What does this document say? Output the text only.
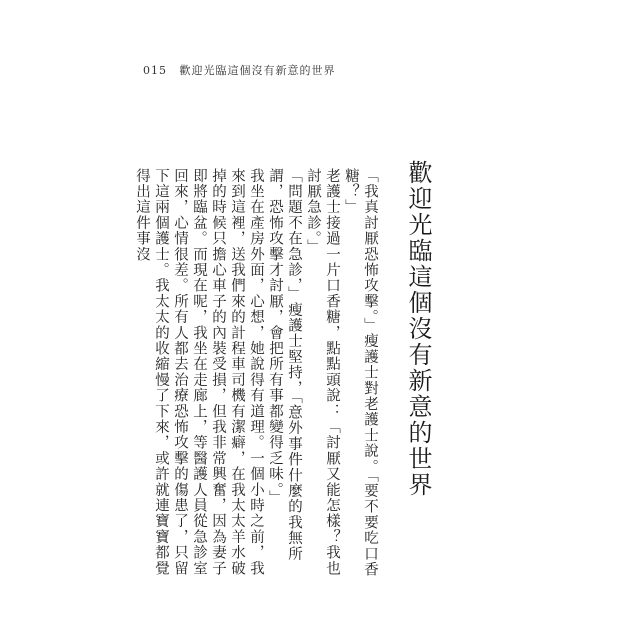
015 歡迎光臨這個沒有新意的世界
歡迎光臨這個沒有新意的世界

「我真討厭恐怖攻擊。」瘦護士對老護士說。「要不要吃口香糖？」

老護士接過一片口香糖，點點頭說：「討厭又能怎樣？我也討厭急診。」

「問題不在急診，」瘦護士堅持，「意外事件什麼的我無所謂，恐怖攻擊才討厭，會把所有事都變得乏味。」

我坐在產房外面，心想，她說得有道理。一個小時之前，我來到這裡，送我們來的計程車司機有潔癖，在我太太羊水破掉的時候只擔心車子的內裝受損，但我非常興奮，因為妻子即將臨盆。而現在呢，我坐在走廊上，等醫護人員從急診室回來，心情很差。所有人都去治療恐怖攻擊的傷患了，只留下這兩個護士。我太太的收縮慢了下來，或許就連寶寶都覺得出這件事沒
